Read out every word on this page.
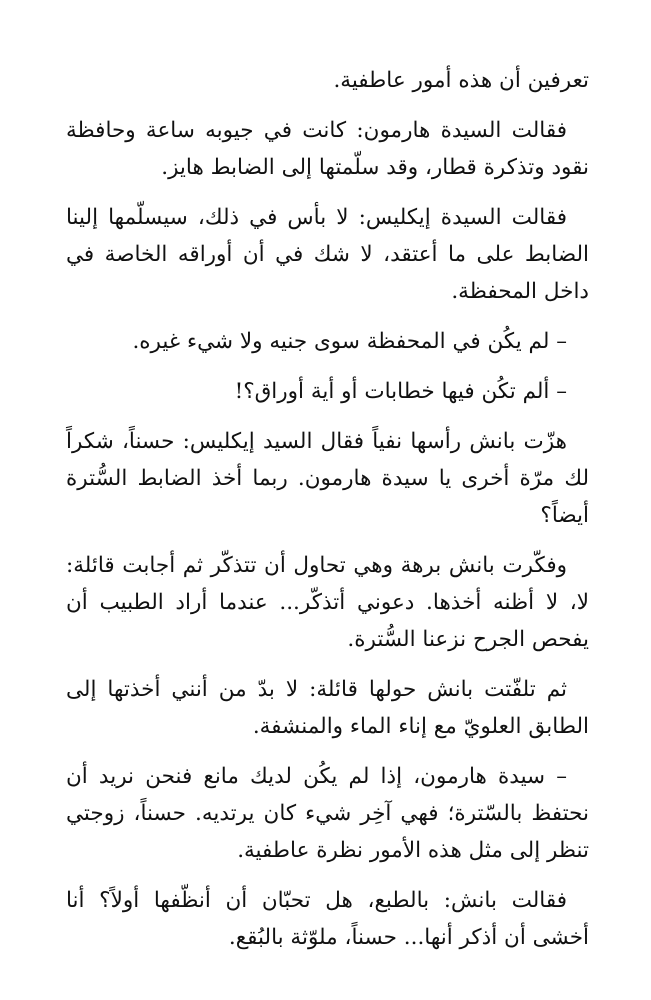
تعرفين أن هذه أمور عاطفية.

فقالت السيدة هارمون: كانت في جيوبه ساعة وحافظة نقود وتذكرة قطار، وقد سلّمتها إلى الضابط هايز.

فقالت السيدة إيكليس: لا بأس في ذلك، سيسلّمها إلينا الضابط على ما أعتقد، لا شك في أن أوراقه الخاصة في داخل المحفظة.

– لم يكُن في المحفظة سوى جنيه ولا شيء غيره.

– ألم تكُن فيها خطابات أو أية أوراق؟!

هزّت بانش رأسها نفياً فقال السيد إيكليس: حسناً، شكراً لك مرّة أخرى يا سيدة هارمون. ربما أخذ الضابط السُّترة أيضاً؟

وفكّرت بانش برهة وهي تحاول أن تتذكّر ثم أجابت قائلة: لا، لا أظنه أخذها. دعوني أتذكّر... عندما أراد الطبيب أن يفحص الجرح نزعنا السُّترة.

ثم تلفّتت بانش حولها قائلة: لا بدّ من أنني أخذتها إلى الطابق العلويّ مع إناء الماء والمنشفة.

– سيدة هارمون، إذا لم يكُن لديك مانع فنحن نريد أن نحتفظ بالسّترة؛ فهي آخِر شيء كان يرتديه. حسناً، زوجتي تنظر إلى مثل هذه الأمور نظرة عاطفية.

فقالت بانش: بالطبع، هل تحبّان أن أنظّفها أولاً؟ أنا أخشى أن أذكر أنها... حسناً، ملوّثة بالبُقع.
